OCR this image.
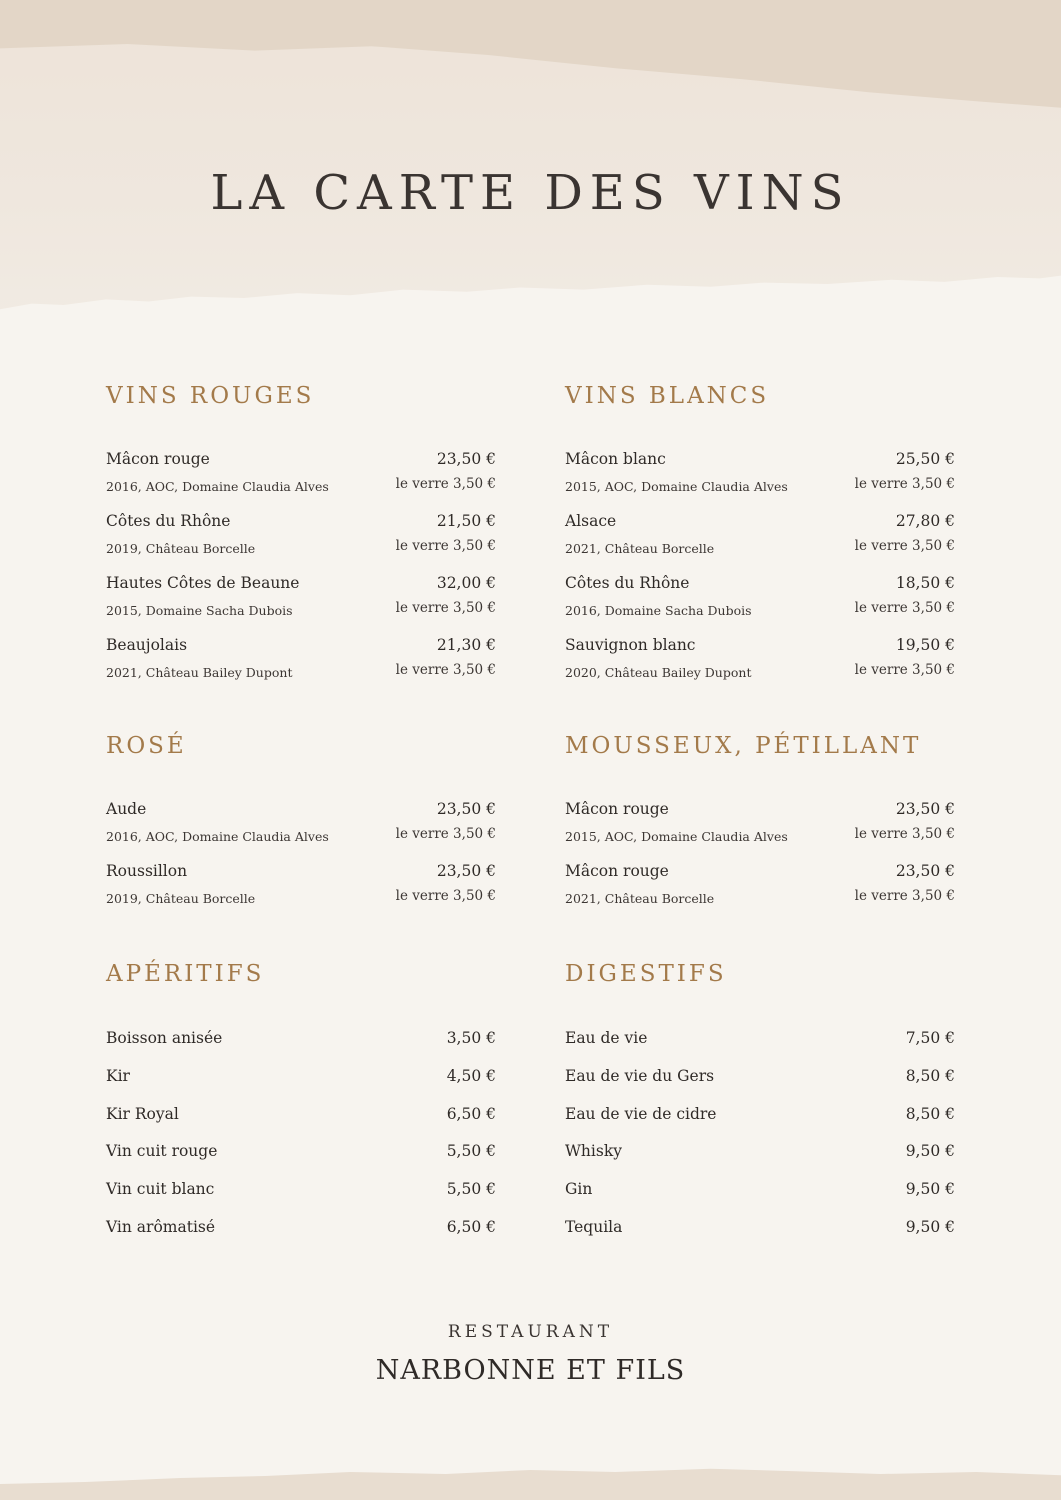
LA CARTE DES VINS
VINS ROUGES
Mâcon rouge	23,50 €
2016, AOC, Domaine Claudia Alves	le verre 3,50 €
Côtes du Rhône	21,50 €
2019, Château Borcelle	le verre 3,50 €
Hautes Côtes de Beaune	32,00 €
2015, Domaine Sacha Dubois	le verre 3,50 €
Beaujolais	21,30 €
2021, Château Bailey Dupont	le verre 3,50 €
VINS BLANCS
Mâcon blanc	25,50 €
2015, AOC, Domaine Claudia Alves	le verre 3,50 €
Alsace	27,80 €
2021, Château Borcelle	le verre 3,50 €
Côtes du Rhône	18,50 €
2016, Domaine Sacha Dubois	le verre 3,50 €
Sauvignon blanc	19,50 €
2020, Château Bailey Dupont	le verre 3,50 €
ROSÉ
Aude	23,50 €
2016, AOC, Domaine Claudia Alves	le verre 3,50 €
Roussillon	23,50 €
2019, Château Borcelle	le verre 3,50 €
MOUSSEUX, PÉTILLANT
Mâcon rouge	23,50 €
2015, AOC, Domaine Claudia Alves	le verre 3,50 €
Mâcon rouge	23,50 €
2021, Château Borcelle	le verre 3,50 €
APÉRITIFS
Boisson anisée	3,50 €
Kir	4,50 €
Kir Royal	6,50 €
Vin cuit rouge	5,50 €
Vin cuit blanc	5,50 €
Vin arômatisé	6,50 €
DIGESTIFS
Eau de vie	7,50 €
Eau de vie du Gers	8,50 €
Eau de vie de cidre	8,50 €
Whisky	9,50 €
Gin	9,50 €
Tequila	9,50 €
RESTAURANT
NARBONNE ET FILS
